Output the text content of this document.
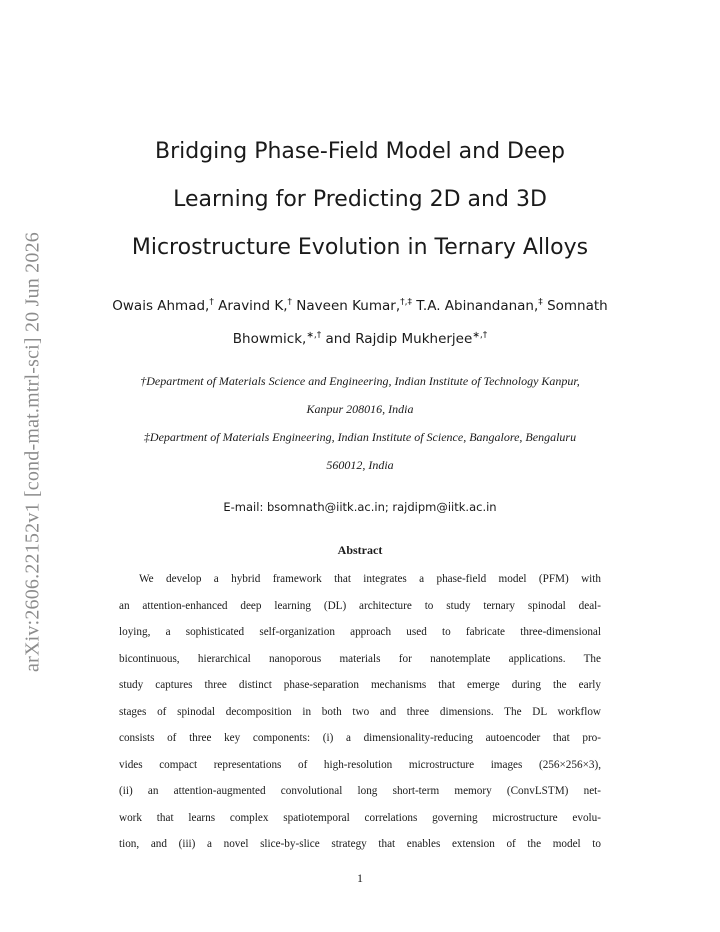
arXiv:2606.22152v1 [cond-mat.mtrl-sci] 20 Jun 2026
Bridging Phase-Field Model and Deep
Learning for Predicting 2D and 3D
Microstructure Evolution in Ternary Alloys
Owais Ahmad,† Aravind K,† Naveen Kumar,†,‡ T.A. Abinandanan,‡ Somnath
Bhowmick,∗,† and Rajdip Mukherjee∗,†
†Department of Materials Science and Engineering, Indian Institute of Technology Kanpur,
Kanpur 208016, India
‡Department of Materials Engineering, Indian Institute of Science, Bangalore, Bengaluru
560012, India
E-mail: bsomnath@iitk.ac.in; rajdipm@iitk.ac.in
Abstract
We develop a hybrid framework that integrates a phase-field model (PFM) with
an attention-enhanced deep learning (DL) architecture to study ternary spinodal deal-
loying, a sophisticated self-organization approach used to fabricate three-dimensional
bicontinuous, hierarchical nanoporous materials for nanotemplate applications. The
study captures three distinct phase-separation mechanisms that emerge during the early
stages of spinodal decomposition in both two and three dimensions. The DL workflow
consists of three key components: (i) a dimensionality-reducing autoencoder that pro-
vides compact representations of high-resolution microstructure images (256×256×3),
(ii) an attention-augmented convolutional long short-term memory (ConvLSTM) net-
work that learns complex spatiotemporal correlations governing microstructure evolu-
tion, and (iii) a novel slice-by-slice strategy that enables extension of the model to
1
